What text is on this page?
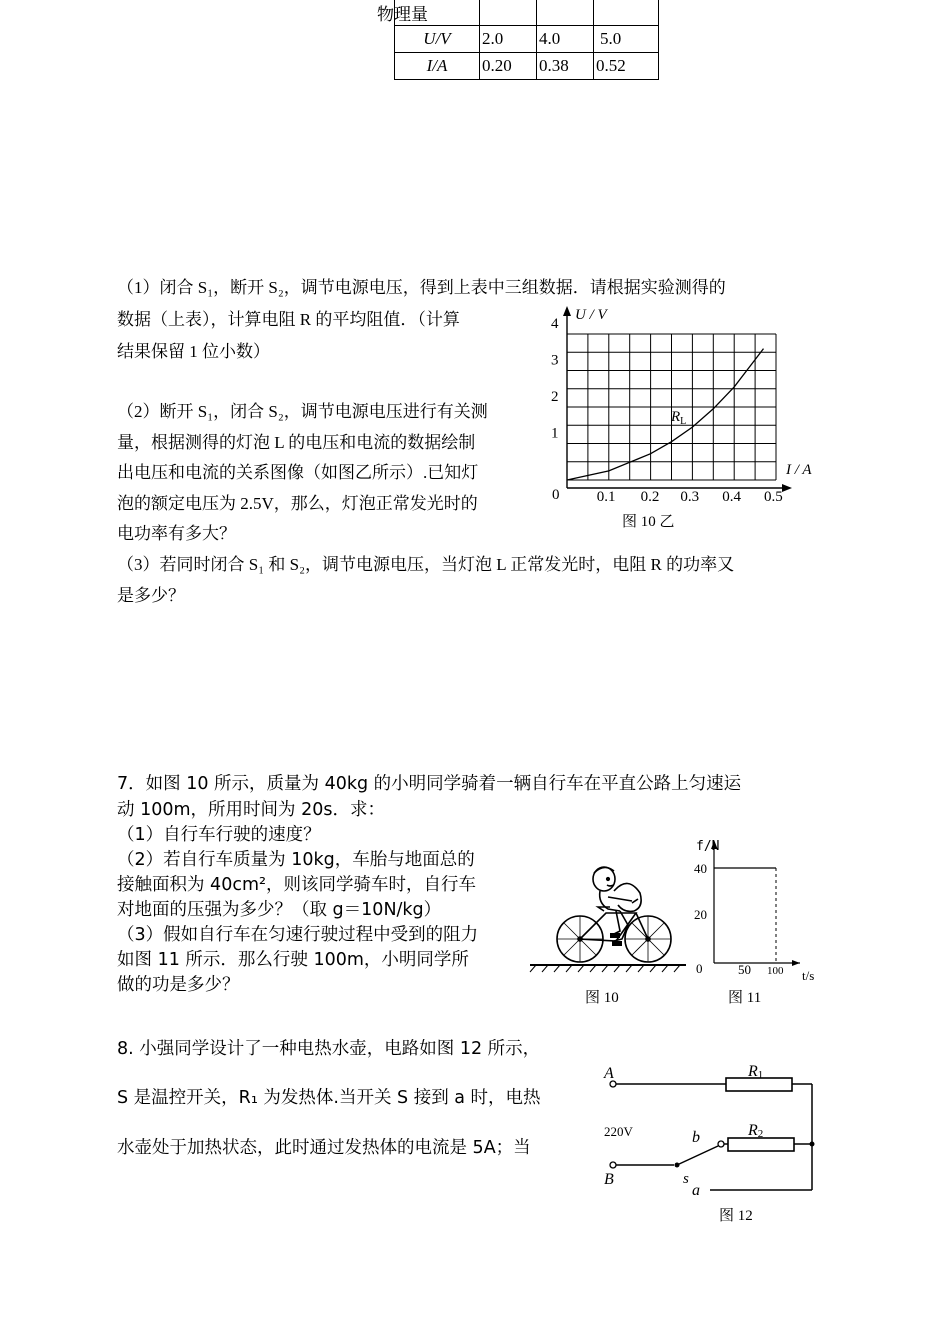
物理量			
U/V	2.0	4.0	5.0
I/A	0.20	0.38	0.52
（1）闭合 S₁，断开 S₂，调节电源电压，得到上表中三组数据．请根据实验测得的
数据（上表），计算电阻 R 的平均阻值．（计算
结果保留 1 位小数）
（2）断开 S₁，闭合 S₂，调节电源电压进行有关测
量，根据测得的灯泡 L 的电压和电流的数据绘制
出电压和电流的关系图像（如图乙所示）.已知灯
泡的额定电压为 2.5V，那么，灯泡正常发光时的
电功率有多大？
（3）若同时闭合 S₁ 和 S₂，调节电源电压，当灯泡 L 正常发光时，电阻 R 的功率又
是多少？
0.1 0.2 0.3 0.4 0.5
1
2
3
4
U / V
I / A
0
$R_L$
图 10 乙
7．如图 10 所示，质量为 40kg 的小明同学骑着一辆自行车在平直公路上匀速运
动 100m，所用时间为 20s．求：
（1）自行车行驶的速度？
（2）若自行车质量为 10kg，车胎与地面总的
接触面积为 40cm²，则该同学骑车时，自行车
对地面的压强为多少？（取 g＝10N/kg）
（3）假如自行车在匀速行驶过程中受到的阻力
如图 11 所示．那么行驶 100m，小明同学所
做的功是多少？
图 10
f/N
t/s
40
20
0	50 100
图 11
8. 小强同学设计了一种电热水壶，电路如图 12 所示，
S 是温控开关，R₁ 为发热体.当开关 S 接到 a 时，电热
水壶处于加热状态，此时通过发热体的电流是 5A；当
A
B
220V
R1
R2
b
a
s
图 12
